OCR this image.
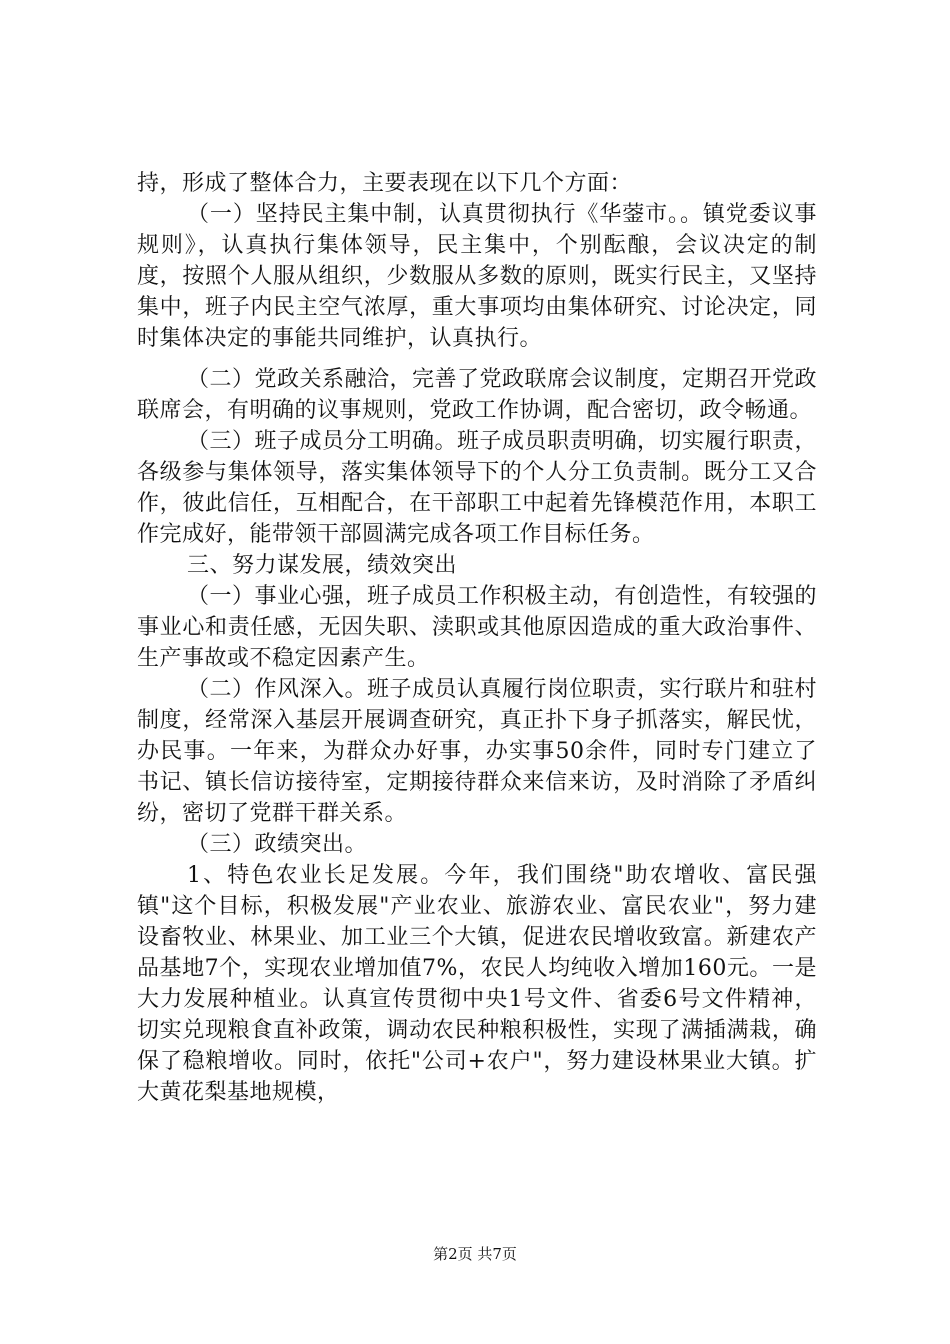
持，形成了整体合力，主要表现在以下几个方面：

（一）坚持民主集中制，认真贯彻执行《华蓥市。。镇党委议事规则》，认真执行集体领导，民主集中，个别酝酿，会议决定的制度，按照个人服从组织，少数服从多数的原则，既实行民主，又坚持集中，班子内民主空气浓厚，重大事项均由集体研究、讨论决定，同时集体决定的事能共同维护，认真执行。

（二）党政关系融洽，完善了党政联席会议制度，定期召开党政联席会，有明确的议事规则，党政工作协调，配合密切，政令畅通。

（三）班子成员分工明确。班子成员职责明确，切实履行职责，各级参与集体领导，落实集体领导下的个人分工负责制。既分工又合作，彼此信任，互相配合，在干部职工中起着先锋模范作用，本职工作完成好，能带领干部圆满完成各项工作目标任务。

三、努力谋发展，绩效突出

（一）事业心强，班子成员工作积极主动，有创造性，有较强的事业心和责任感，无因失职、渎职或其他原因造成的重大政治事件、生产事故或不稳定因素产生。

（二）作风深入。班子成员认真履行岗位职责，实行联片和驻村制度，经常深入基层开展调查研究，真正扑下身子抓落实，解民忧，办民事。一年来，为群众办好事，办实事50余件，同时专门建立了书记、镇长信访接待室，定期接待群众来信来访，及时消除了矛盾纠纷，密切了党群干群关系。

（三）政绩突出。

1、特色农业长足发展。今年，我们围绕"助农增收、富民强镇"这个目标，积极发展"产业农业、旅游农业、富民农业"，努力建设畜牧业、林果业、加工业三个大镇，促进农民增收致富。新建农产品基地7个，实现农业增加值7%，农民人均纯收入增加160元。一是大力发展种植业。认真宣传贯彻中央1号文件、省委6号文件精神，切实兑现粮食直补政策，调动农民种粮积极性，实现了满插满栽，确保了稳粮增收。同时，依托"公司+农户"，努力建设林果业大镇。扩大黄花梨基地规模，

第2页 共7页
